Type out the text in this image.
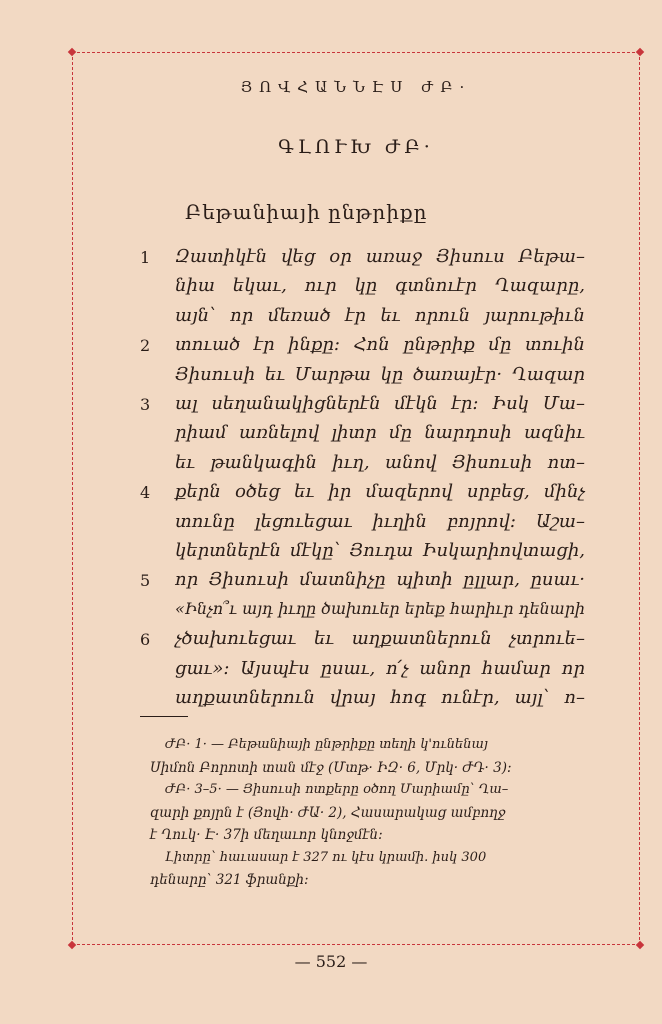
ՅՈՎՀԱՆՆԷՍ ԺԲ·
ԳԼՈՒԽ ԺԲ·
Բեթանիայի ընթրիքը
Զատիկէն վեց օր առաջ Յիսուս Բեթա–
նիա եկաւ, ուր կը գտնուէր Ղազարը,
այն՝ որ մեռած էր եւ որուն յարութիւն
տուած էր ինքը: Հոն ընթրիք մը տուին
Յիսուսի եւ Մարթա կը ծառայէր· Ղազար
ալ սեղանակիցներէն մէկն էր: Իսկ Մա–
րիամ առնելով լիտր մը նարդոսի ազնիւ
եւ թանկագին իւղ, անով Յիսուսի ոտ–
քերն օծեց եւ իր մազերով սրբեց, մինչ
տունը լեցուեցաւ իւղին բոյրով: Աշա–
կերտներէն մէկը՝ Յուդա Իսկարիովտացի,
որ Յիսուսի մատնիչը պիտի ըլլար, ըսաւ·
«Ինչո՞ւ այդ իւղը ծախուեր երեք հարիւր դենարի
չծախուեցաւ եւ աղքատներուն չտրուե–
ցաւ»: Այսպէս ըսաւ, ո՛չ անոր համար որ
աղքատներուն վրայ հոգ ունէր, այլ՝ ո–
1
2
3
4
5
6
ԺԲ· 1· — Բեթանիայի ընթրիքը տեղի կ'ունենայ
Սիմոն Բորոտի տան մէջ (Մտթ· ԻԶ· 6, Մրկ· ԺԴ· 3):
ԺԲ· 3–5· — Յիսուսի ոտքերը օծող Մարիամը՝ Ղա–
զարի քոյրն է (Յովհ· ԺԱ· 2), Հասարակաց ամբողջ
է Ղուկ· Է· 37ի մեղաւոր կնոջմէն:
Լիտրը՝ հաւասար է 327 ու կէս կրամի. իսկ 300
դենարը՝ 321 ֆրանքի:
— 552 —
